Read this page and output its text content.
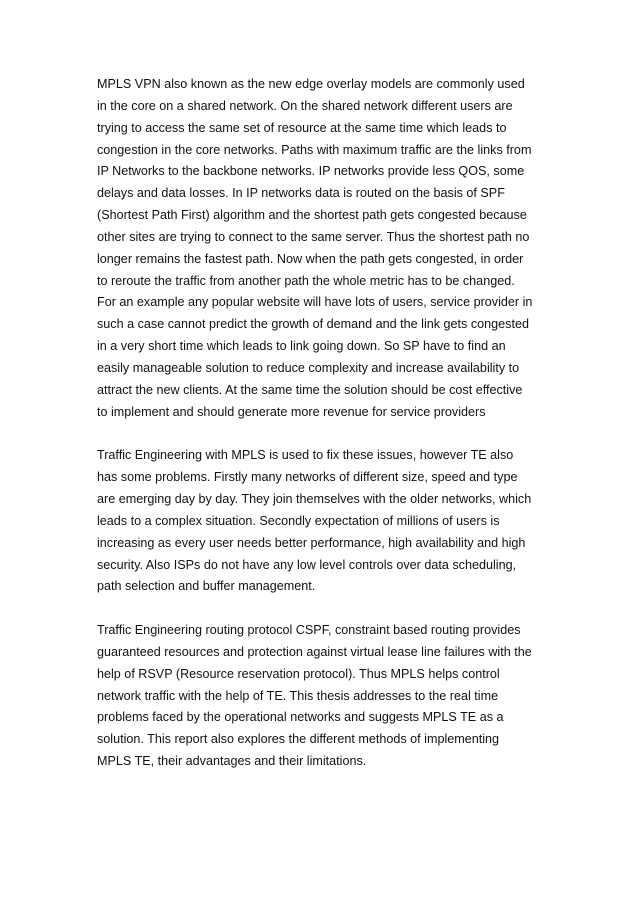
MPLS VPN also known as the new edge overlay models are commonly used
in the core on a shared network. On the shared network different users are
trying to access the same set of resource at the same time which leads to
congestion in the core networks. Paths with maximum traffic are the links from
IP Networks to the backbone networks. IP networks provide less QOS, some
delays and data losses. In IP networks data is routed on the basis of SPF
(Shortest Path First) algorithm and the shortest path gets congested because
other sites are trying to connect to the same server. Thus the shortest path no
longer remains the fastest path. Now when the path gets congested, in order
to reroute the traffic from another path the whole metric has to be changed.
For an example any popular website will have lots of users, service provider in
such a case cannot predict the growth of demand and the link gets congested
in a very short time which leads to link going down. So SP have to find an
easily manageable solution to reduce complexity and increase availability to
attract the new clients. At the same time the solution should be cost effective
to implement and should generate more revenue for service providers

Traffic Engineering with MPLS is used to fix these issues, however TE also
has some problems. Firstly many networks of different size, speed and type
are emerging day by day. They join themselves with the older networks, which
leads to a complex situation. Secondly expectation of millions of users is
increasing as every user needs better performance, high availability and high
security. Also ISPs do not have any low level controls over data scheduling,
path selection and buffer management.

Traffic Engineering routing protocol CSPF, constraint based routing provides
guaranteed resources and protection against virtual lease line failures with the
help of RSVP (Resource reservation protocol). Thus MPLS helps control
network traffic with the help of TE. This thesis addresses to the real time
problems faced by the operational networks and suggests MPLS TE as a
solution. This report also explores the different methods of implementing
MPLS TE, their advantages and their limitations.
